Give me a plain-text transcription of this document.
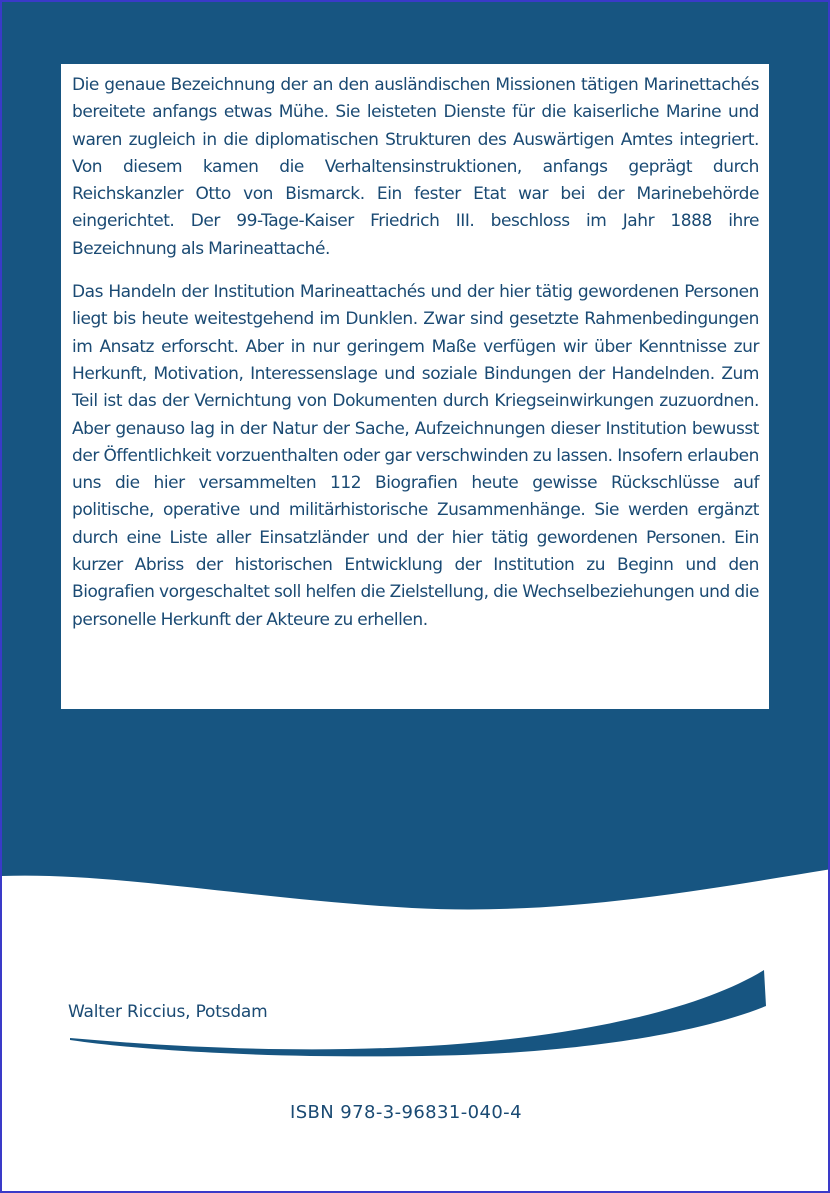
Die genaue Bezeichnung der an den ausländischen Missionen tätigen Marinettachés bereitete anfangs etwas Mühe. Sie leisteten Dienste für die kaiserliche Marine und waren zugleich in die diplomatischen Strukturen des Auswärtigen Amtes integriert. Von diesem kamen die Verhaltensinstruktionen, anfangs geprägt durch Reichskanzler Otto von Bismarck. Ein fester Etat war bei der Marinebehörde eingerichtet. Der 99-Tage-Kaiser Friedrich III. beschloss im Jahr 1888 ihre Bezeichnung als Marineattaché.

Das Handeln der Institution Marineattachés und der hier tätig gewordenen Personen liegt bis heute weitestgehend im Dunklen. Zwar sind gesetzte Rahmenbedingungen im Ansatz erforscht. Aber in nur geringem Maße verfügen wir über Kenntnisse zur Herkunft, Motivation, Interessenslage und soziale Bindungen der Handelnden. Zum Teil ist das der Vernichtung von Dokumenten durch Kriegseinwirkungen zuzuordnen. Aber genauso lag in der Natur der Sache, Aufzeichnungen dieser Institution bewusst der Öffentlichkeit vorzuenthalten oder gar verschwinden zu lassen. Insofern erlauben uns die hier versammelten 112 Biografien heute gewisse Rückschlüsse auf politische, operative und militärhistorische Zusammenhänge. Sie werden ergänzt durch eine Liste aller Einsatzländer und der hier tätig gewordenen Personen. Ein kurzer Abriss der historischen Entwicklung der Institution zu Beginn und den Biografien vorgeschaltet soll helfen die Zielstellung, die Wechselbeziehungen und die personelle Herkunft der Akteure zu erhellen.

Walter Riccius, Potsdam
ISBN 978-3-96831-040-4
